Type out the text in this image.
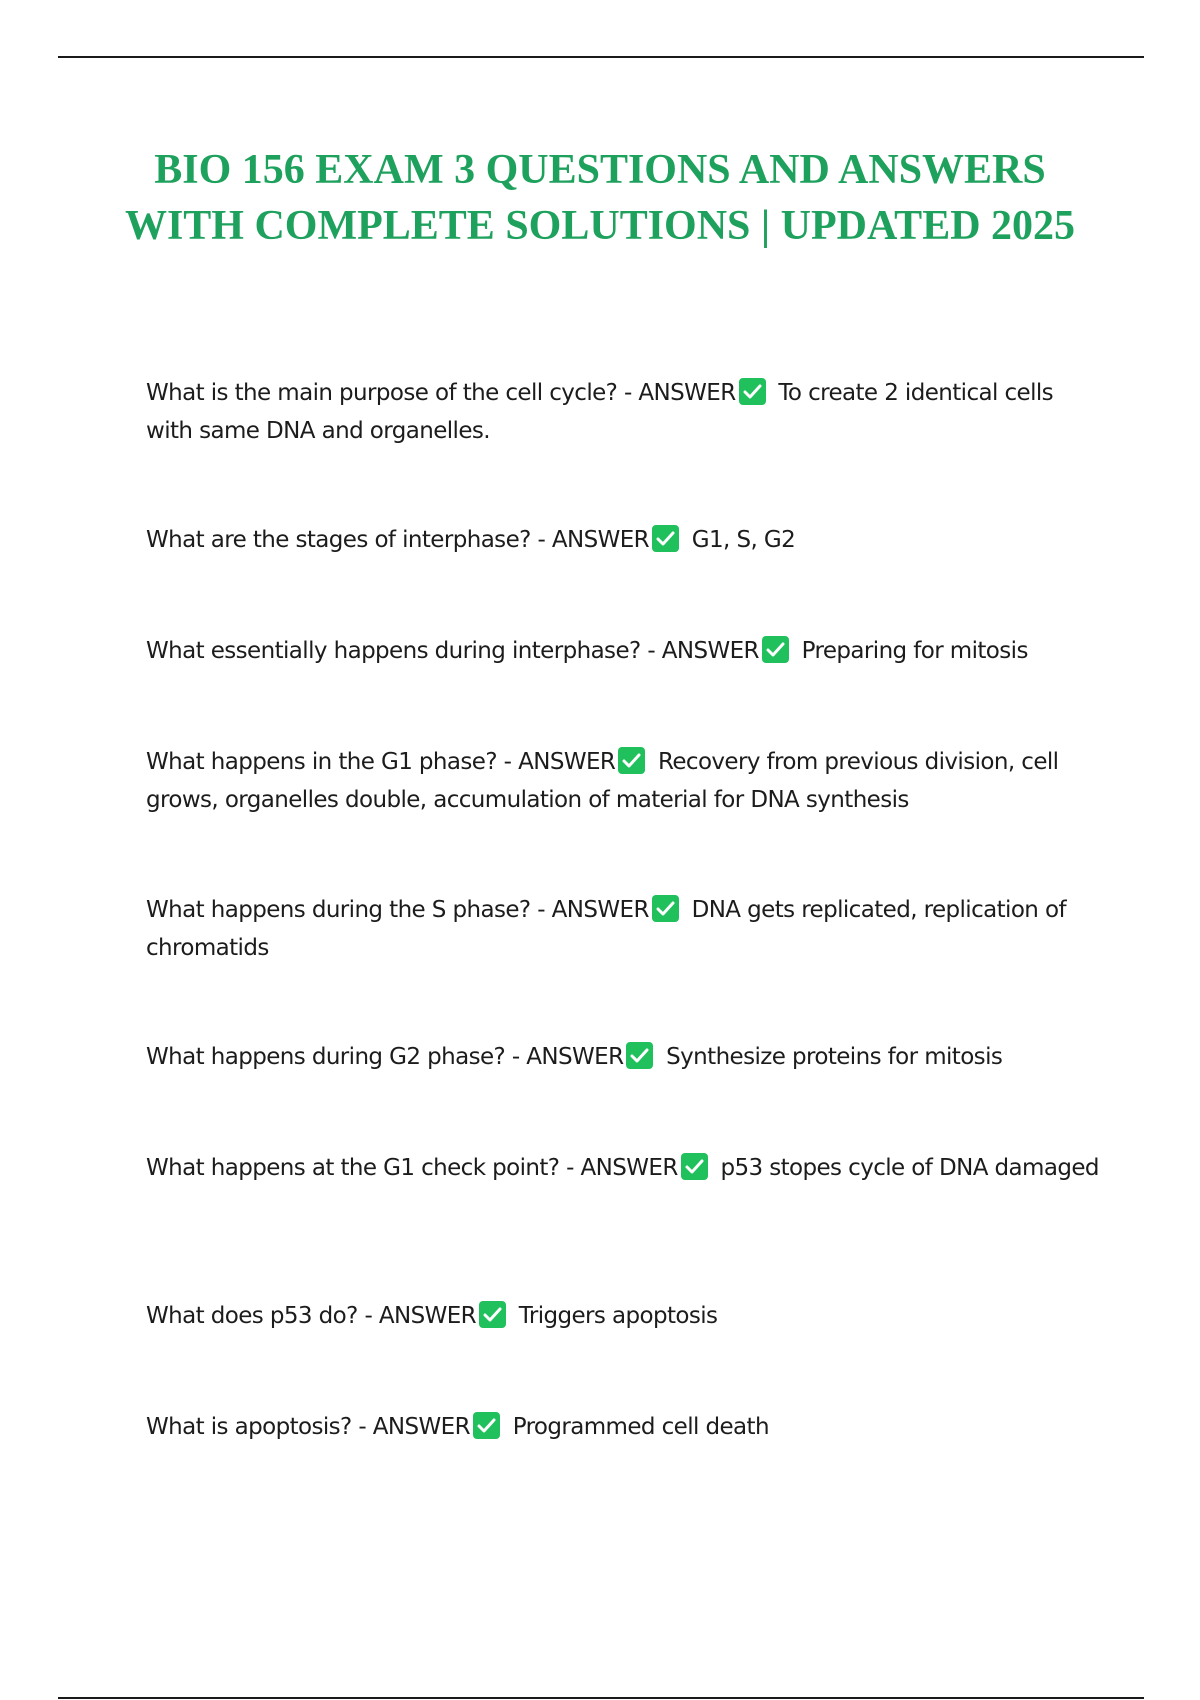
BIO 156 EXAM 3 QUESTIONS AND ANSWERS WITH COMPLETE SOLUTIONS | UPDATED 2025

What is the main purpose of the cell cycle? - ANSWER To create 2 identical cells with same DNA and organelles.

What are the stages of interphase? - ANSWER G1, S, G2

What essentially happens during interphase? - ANSWER Preparing for mitosis

What happens in the G1 phase? - ANSWER Recovery from previous division, cell grows, organelles double, accumulation of material for DNA synthesis

What happens during the S phase? - ANSWER DNA gets replicated, replication of chromatids

What happens during G2 phase? - ANSWER Synthesize proteins for mitosis

What happens at the G1 check point? - ANSWER p53 stopes cycle of DNA damaged

What does p53 do? - ANSWER Triggers apoptosis

What is apoptosis? - ANSWER Programmed cell death
